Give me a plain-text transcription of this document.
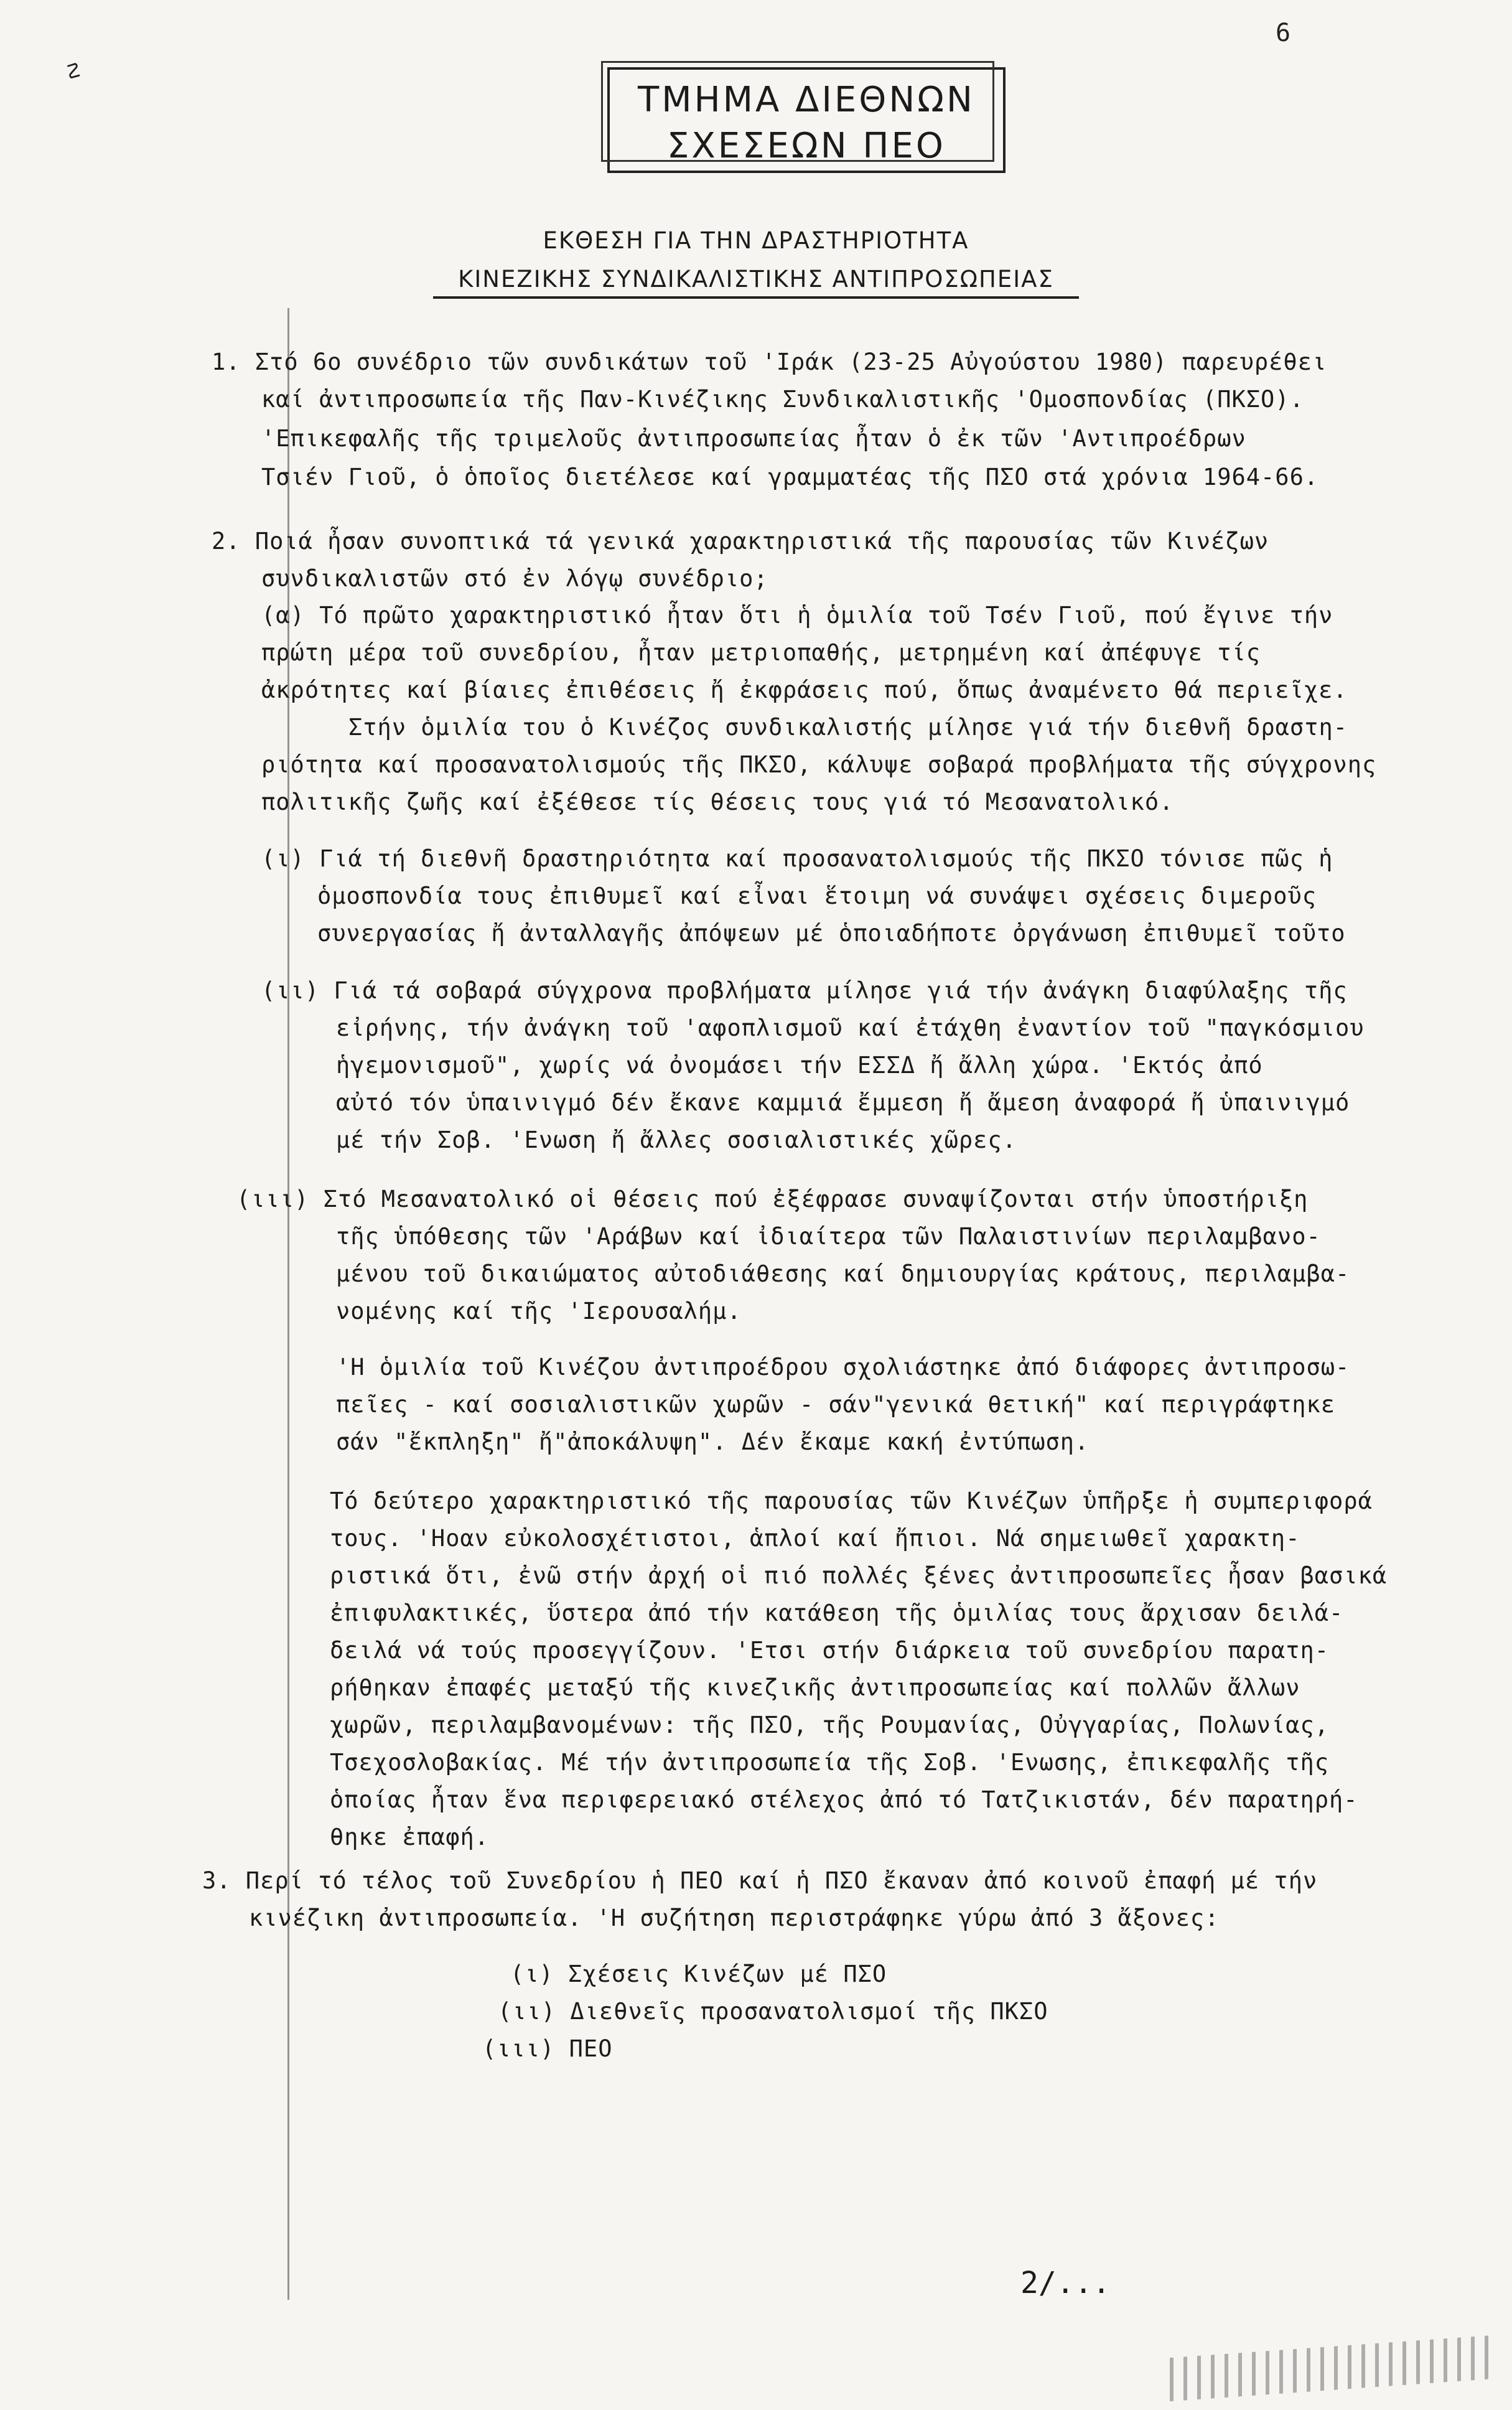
ΤΜΗΜΑ ΔΙΕΘΝΩΝ
ΣΧΕΣΕΩΝ ΠΕΟ
6
☡
ΕΚΘΕΣΗ ΓΙΑ ΤΗΝ ΔΡΑΣΤΗΡΙΟΤΗΤΑ
ΚΙΝΕΖΙΚΗΣ ΣΥΝΔΙΚΑΛΙΣΤΙΚΗΣ ΑΝΤΙΠΡΟΣΩΠΕΙΑΣ
1. Στό 6ο συνέδριο τῶν συνδικάτων τοῦ 'Ιράκ (23-25 Αὐγούστου 1980) παρευρέθει
καί ἀντιπροσωπεία τῆς Παν-Κινέζικης Συνδικαλιστικῆς 'Ομοσπονδίας (ΠΚΣΟ).
'Επικεφαλῆς τῆς τριμελοῦς ἀντιπροσωπείας ἦταν ὁ ἐκ τῶν 'Αντιπροέδρων
Τσιέν Γιοῦ, ὁ ὁποῖος διετέλεσε καί γραμματέας τῆς ΠΣΟ στά χρόνια 1964-66.
2. Ποιά ἦσαν συνοπτικά τά γενικά χαρακτηριστικά τῆς παρουσίας τῶν Κινέζων
συνδικαλιστῶν στό ἐν λόγῳ συνέδριο;
(α) Τό πρῶτο χαρακτηριστικό ἦταν ὅτι ἡ ὁμιλία τοῦ Τσέν Γιοῦ, πού ἔγινε τήν
πρώτη μέρα τοῦ συνεδρίου, ἦταν μετριοπαθής, μετρημένη καί ἀπέφυγε τίς
ἀκρότητες καί βίαιες ἐπιθέσεις ἤ ἐκφράσεις πού, ὅπως ἀναμένετο θά περιεῖχε.
Στήν ὁμιλία του ὁ Κινέζος συνδικαλιστής μίλησε γιά τήν διεθνῆ δραστη-
ριότητα καί προσανατολισμούς τῆς ΠΚΣΟ, κάλυψε σοβαρά προβλήματα τῆς σύγχρονης
πολιτικῆς ζωῆς καί ἐξέθεσε τίς θέσεις τους γιά τό Μεσανατολικό.
(ι) Γιά τή διεθνῆ δραστηριότητα καί προσανατολισμούς τῆς ΠΚΣΟ τόνισε πῶς ἡ
ὁμοσπονδία τους ἐπιθυμεῖ καί εἶναι ἕτοιμη νά συνάψει σχέσεις διμεροῦς
συνεργασίας ἤ ἀνταλλαγῆς ἀπόψεων μέ ὁποιαδήποτε ὀργάνωση ἐπιθυμεῖ τοῦτο
(ιι) Γιά τά σοβαρά σύγχρονα προβλήματα μίλησε γιά τήν ἀνάγκη διαφύλαξης τῆς
εἰρήνης, τήν ἀνάγκη τοῦ 'αφοπλισμοῦ καί ἐτάχθη ἐναντίον τοῦ "παγκόσμιου
ἡγεμονισμοῦ", χωρίς νά ὀνομάσει τήν ΕΣΣΔ ἤ ἄλλη χώρα. 'Εκτός ἀπό
αὐτό τόν ὑπαινιγμό δέν ἔκανε καμμιά ἔμμεση ἤ ἄμεση ἀναφορά ἤ ὑπαινιγμό
μέ τήν Σοβ. 'Ενωση ἤ ἄλλες σοσιαλιστικές χῶρες.
(ιιι) Στό Μεσανατολικό οἱ θέσεις πού ἐξέφρασε συναψίζονται στήν ὑποστήριξη
τῆς ὑπόθεσης τῶν 'Αράβων καί ἰδιαίτερα τῶν Παλαιστινίων περιλαμβανο-
μένου τοῦ δικαιώματος αὐτοδιάθεσης καί δημιουργίας κράτους, περιλαμβα-
νομένης καί τῆς 'Ιερουσαλήμ.
'Η ὁμιλία τοῦ Κινέζου ἀντιπροέδρου σχολιάστηκε ἀπό διάφορες ἀντιπροσω-
πεῖες - καί σοσιαλιστικῶν χωρῶν - σάν"γενικά θετική" καί περιγράφτηκε
σάν "ἔκπληξη" ἤ"ἀποκάλυψη". Δέν ἔκαμε κακή ἐντύπωση.
Τό δεύτερο χαρακτηριστικό τῆς παρουσίας τῶν Κινέζων ὑπῆρξε ἡ συμπεριφορά
τους. 'Ηοαν εὐκολοσχέτιστοι, ἁπλοί καί ἤπιοι. Νά σημειωθεῖ χαρακτη-
ριστικά ὅτι, ἐνῶ στήν ἀρχή οἱ πιό πολλές ξένες ἀντιπροσωπεῖες ἦσαν βασικά
ἐπιφυλακτικές, ὕστερα ἀπό τήν κατάθεση τῆς ὁμιλίας τους ἄρχισαν δειλά-
δειλά νά τούς προσεγγίζουν. 'Ετσι στήν διάρκεια τοῦ συνεδρίου παρατη-
ρήθηκαν ἐπαφές μεταξύ τῆς κινεζικῆς ἀντιπροσωπείας καί πολλῶν ἄλλων
χωρῶν, περιλαμβανομένων: τῆς ΠΣΟ, τῆς Ρουμανίας, Οὐγγαρίας, Πολωνίας,
Τσεχοσλοβακίας. Μέ τήν ἀντιπροσωπεία τῆς Σοβ. 'Ενωσης, ἐπικεφαλῆς τῆς
ὁποίας ἦταν ἕνα περιφερειακό στέλεχος ἀπό τό Τατζικιστάν, δέν παρατηρή-
θηκε ἐπαφή.
3. Περί τό τέλος τοῦ Συνεδρίου ἡ ΠΕΟ καί ἡ ΠΣΟ ἔκαναν ἀπό κοινοῦ ἐπαφή μέ τήν
κινέζικη ἀντιπροσωπεία. 'Η συζήτηση περιστράφηκε γύρω ἀπό 3 ἄξονες:
(ι) Σχέσεις Κινέζων μέ ΠΣΟ
(ιι) Διεθνεῖς προσανατολισμοί τῆς ΠΚΣΟ
(ιιι) ΠΕΟ
2/...
